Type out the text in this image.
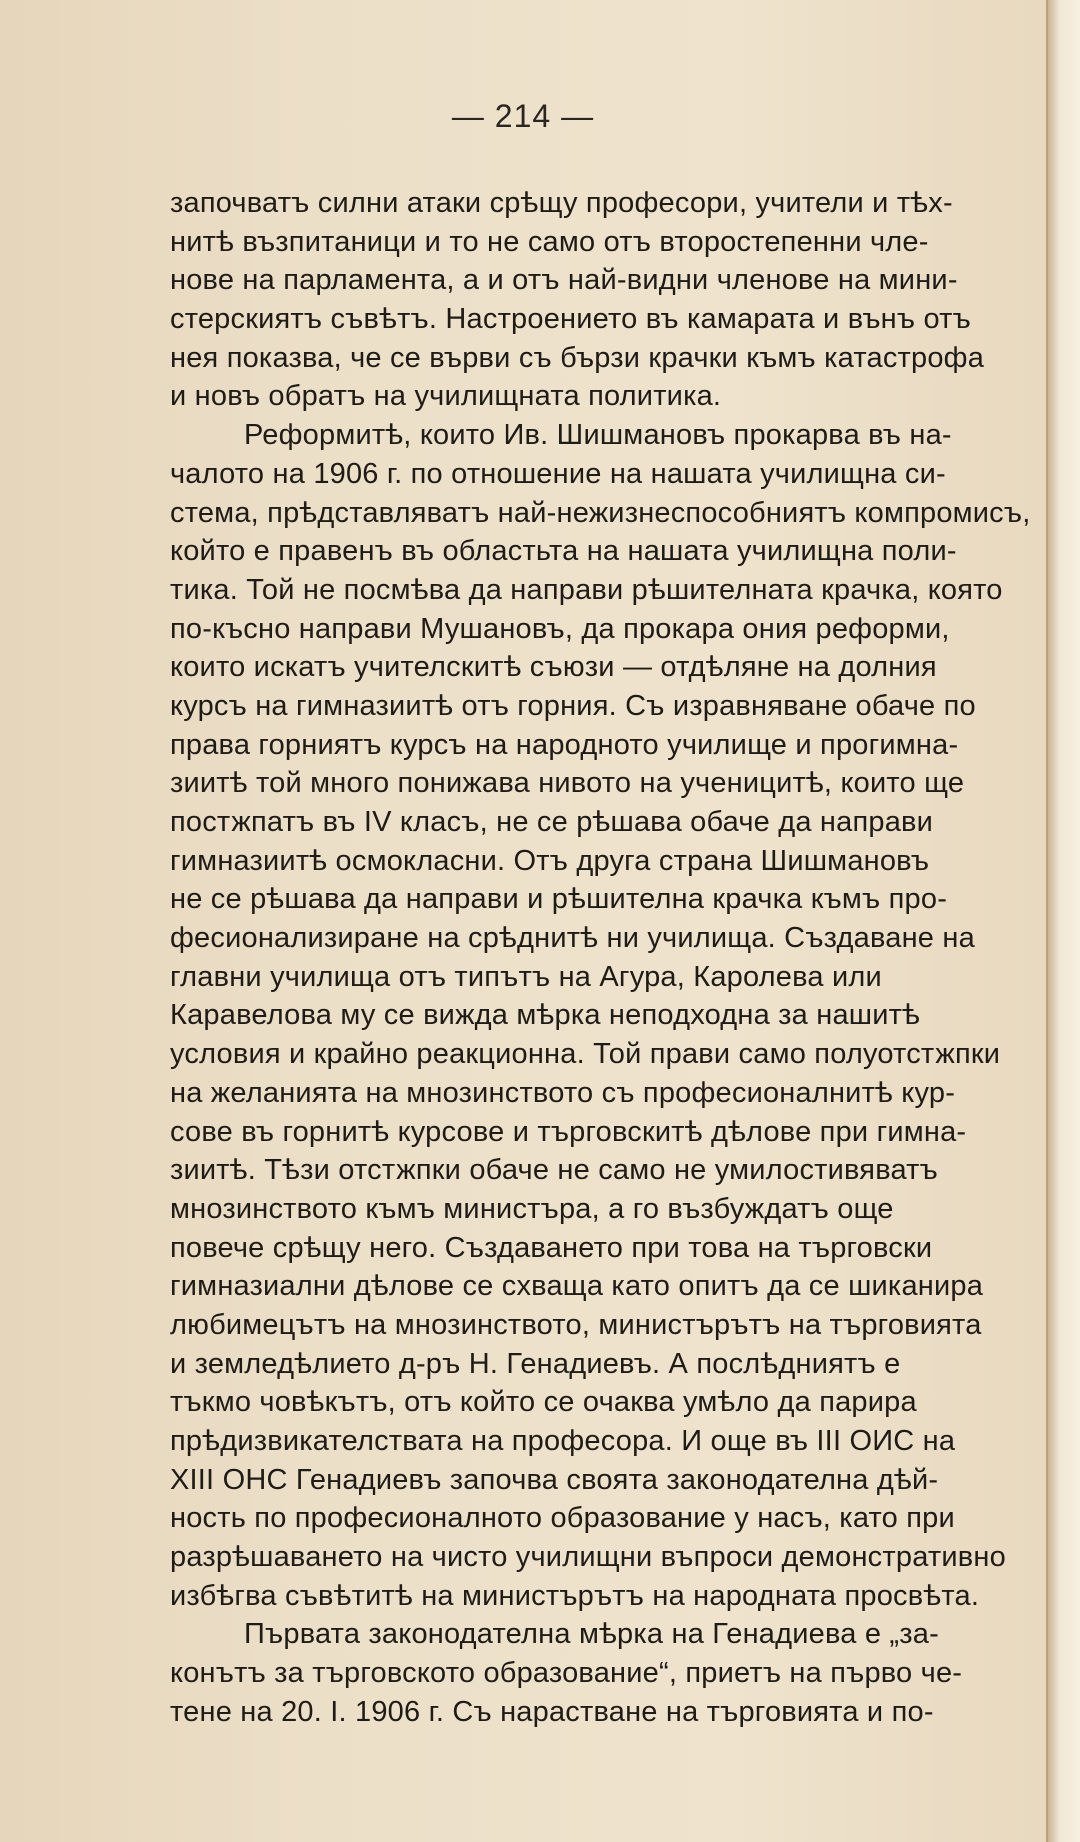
— 214 —
започватъ силни атаки срѣщу професори, учители и тѣх-
нитѣ възпитаници и то не само отъ второстепенни чле-
нове на парламента, а и отъ най-видни членове на мини-
стерскиятъ съвѣтъ. Настроението въ камарата и вънъ отъ
нея показва, че се върви съ бързи крачки къмъ катастрофа
и новъ обратъ на училищната политика.
Реформитѣ, които Ив. Шишмановъ прокарва въ на-
чалото на 1906 г. по отношение на нашата училищна си-
стема, прѣдставляватъ най-нежизнеспособниятъ компромисъ,
който е правенъ въ областьта на нашата училищна поли-
тика. Той не посмѣва да направи рѣшителната крачка, която
по-късно направи Мушановъ, да прокара ония реформи,
които искатъ учителскитѣ съюзи — отдѣляне на долния
курсъ на гимназиитѣ отъ горния. Съ изравняване обаче по
права горниятъ курсъ на народното училище и прогимна-
зиитѣ той много понижава нивото на ученицитѣ, които ще
постжпатъ въ IV класъ, не се рѣшава обаче да направи
гимназиитѣ осмокласни. Отъ друга страна Шишмановъ
не се рѣшава да направи и рѣшителна крачка къмъ про-
фесионализиране на срѣднитѣ ни училища. Създаване на
главни училища отъ типътъ на Агура, Каролева или
Каравелова му се вижда мѣрка неподходна за нашитѣ
условия и крайно реакционна. Той прави само полуотстжпки
на желанията на мнозинството съ професионалнитѣ кур-
сове въ горнитѣ курсове и търговскитѣ дѣлове при гимна-
зиитѣ. Тѣзи отстжпки обаче не само не умилостивяватъ
мнозинството къмъ министъра, а го възбуждатъ още
повече срѣщу него. Създаването при това на търговски
гимназиални дѣлове се схваща като опитъ да се шиканира
любимецътъ на мнозинството, министърътъ на търговията
и земледѣлието д-ръ Н. Генадиевъ. А послѣдниятъ е
тъкмо човѣкътъ, отъ който се очаква умѣло да парира
прѣдизвикателствата на професора. И още въ III ОИС на
XIII ОНС Генадиевъ започва своята законодателна дѣй-
ность по професионалното образование у насъ, като при
разрѣшаването на чисто училищни въпроси демонстративно
избѣгва съвѣтитѣ на министърътъ на народната просвѣта.
Първата законодателна мѣрка на Генадиева е „за-
конътъ за търговското образование“, приетъ на първо че-
тене на 20. I. 1906 г. Съ нарастване на търговията и по-
